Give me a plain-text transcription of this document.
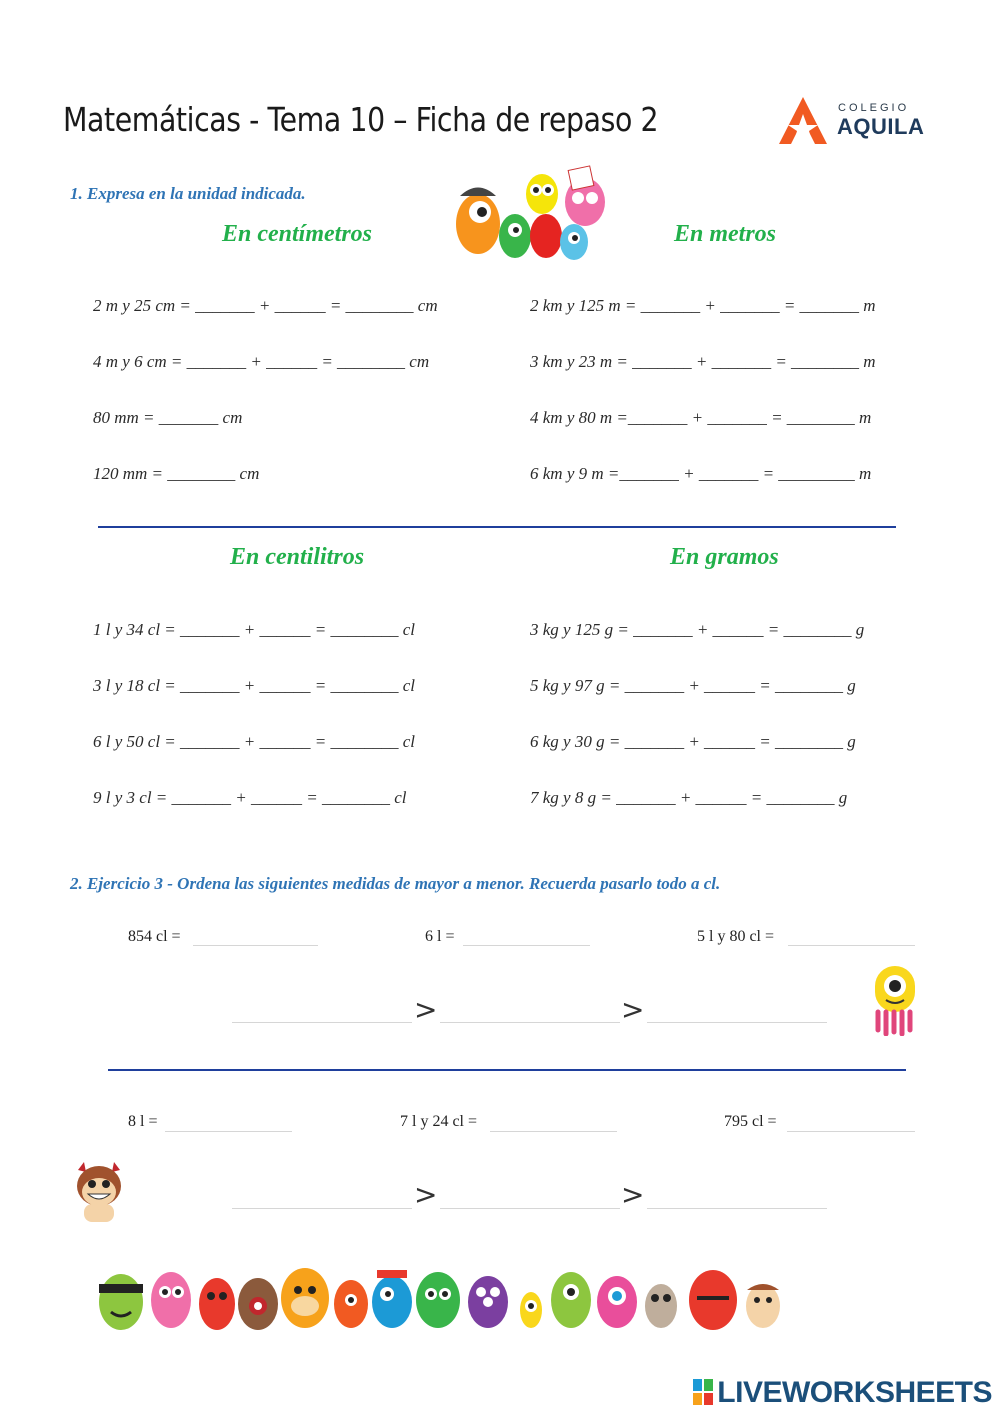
Matemáticas - Tema 10 – Ficha de repaso 2	COLEGIO
AQUILA
1. Expresa en la unidad indicada.
En centímetros	En metros
2 m y 25 cm = _______ + ______ = ________ cm
4 m y 6 cm = _______ + ______ = ________ cm
80 mm = _______ cm
120 mm = ________ cm
2 km y 125 m = _______ + _______ = _______ m
3 km y 23 m = _______ + _______ = ________ m
4 km y 80 m =_______ + _______ = ________ m
6 km y 9 m =_______ + _______ = _________ m
En centilitros	En gramos
1 l y 34 cl = _______ + ______ = ________ cl
3 l y 18 cl = _______ + ______ = ________ cl
6 l y 50 cl = _______ + ______ = ________ cl
9 l y 3 cl = _______ + ______ = ________ cl
3 kg y 125 g = _______ + ______ = ________ g
5 kg y 97 g = _______ + ______ = ________ g
6 kg y 30 g = _______ + ______ = ________ g
7 kg y 8 g = _______ + ______ = ________ g
2. Ejercicio 3 - Ordena las siguientes medidas de mayor a menor. Recuerda pasarlo todo a cl.
854 cl =	6 l =	5 l y 80 cl =
>	>
8 l =	7 l y 24 cl =	795 cl =
>	>
LIVEWORKSHEETS
